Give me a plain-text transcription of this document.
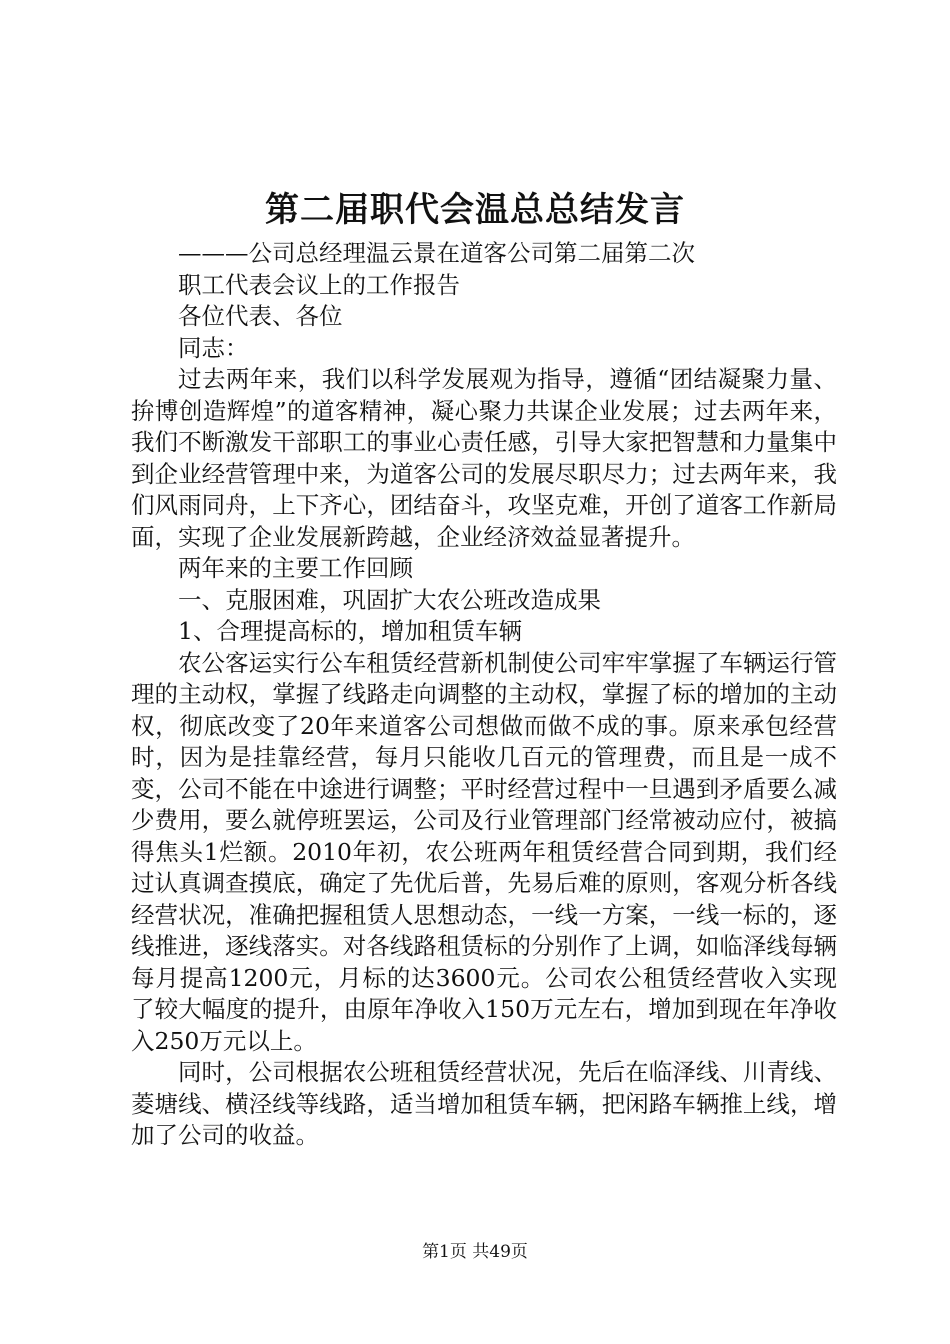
第二届职代会温总总结发言
———公司总经理温云景在道客公司第二届第二次
职工代表会议上的工作报告
各位代表、各位
同志：

过去两年来，我们以科学发展观为指导，遵循“团结凝聚力量、拚博创造辉煌”的道客精神，凝心聚力共谋企业发展；过去两年来，我们不断激发干部职工的事业心责任感，引导大家把智慧和力量集中到企业经营管理中来，为道客公司的发展尽职尽力；过去两年来，我们风雨同舟，上下齐心，团结奋斗，攻坚克难，开创了道客工作新局面，实现了企业发展新跨越，企业经济效益显著提升。

两年来的主要工作回顾
一、克服困难，巩固扩大农公班改造成果
1、合理提高标的，增加租赁车辆

农公客运实行公车租赁经营新机制使公司牢牢掌握了车辆运行管理的主动权，掌握了线路走向调整的主动权，掌握了标的增加的主动权，彻底改变了20年来道客公司想做而做不成的事。原来承包经营时，因为是挂靠经营，每月只能收几百元的管理费，而且是一成不变，公司不能在中途进行调整；平时经营过程中一旦遇到矛盾要么减少费用，要么就停班罢运，公司及行业管理部门经常被动应付，被搞得焦头1烂额。2010年初，农公班两年租赁经营合同到期，我们经过认真调查摸底，确定了先优后普，先易后难的原则，客观分析各线经营状况，准确把握租赁人思想动态，一线一方案，一线一标的，逐线推进，逐线落实。对各线路租赁标的分别作了上调，如临泽线每辆每月提高1200元，月标的达3600元。公司农公租赁经营收入实现了较大幅度的提升，由原年净收入150万元左右，增加到现在年净收入250万元以上。

同时，公司根据农公班租赁经营状况，先后在临泽线、川青线、菱塘线、横泾线等线路，适当增加租赁车辆，把闲路车辆推上线，增加了公司的收益。

第1页 共49页
